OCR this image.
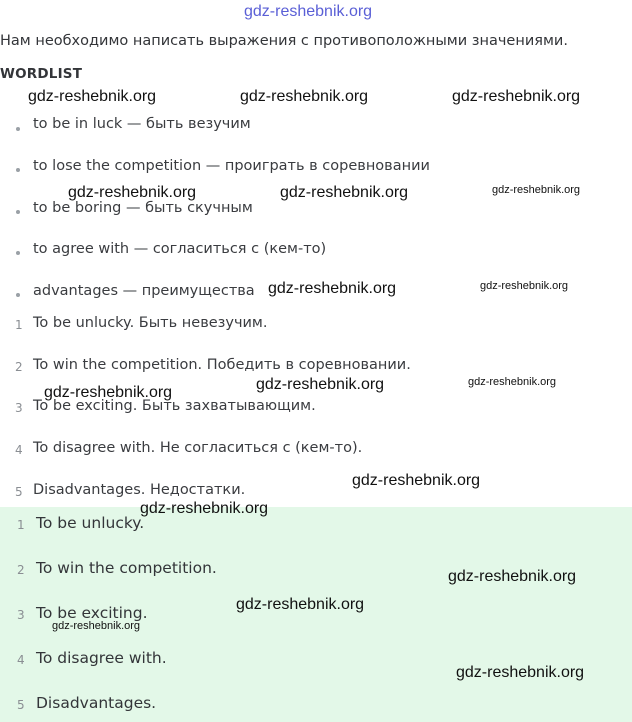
gdz-reshebnik.org
Нам необходимо написать выражения с противоположными значениями.
WORDLIST
to be in luck — быть везучим
to lose the competition — проиграть в соревновании
to be boring — быть скучным
to agree with — согласиться с (кем-то)
advantages — преимущества
1 To be unlucky. Быть невезучим.
2 To win the competition. Победить в соревновании.
3 To be exciting. Быть захватывающим.
4 To disagree with. Не согласиться с (кем-то).
5 Disadvantages. Недостатки.
1 To be unlucky.
2 To win the competition.
3 To be exciting.
4 To disagree with.
5 Disadvantages.
gdz-reshebnik.org	gdz-reshebnik.org	gdz-reshebnik.org
gdz-reshebnik.org	gdz-reshebnik.org	gdz-reshebnik.org
gdz-reshebnik.org	gdz-reshebnik.org
gdz-reshebnik.org	gdz-reshebnik.org	gdz-reshebnik.org
gdz-reshebnik.org
gdz-reshebnik.org
gdz-reshebnik.org
gdz-reshebnik.org
gdz-reshebnik.org
gdz-reshebnik.org
